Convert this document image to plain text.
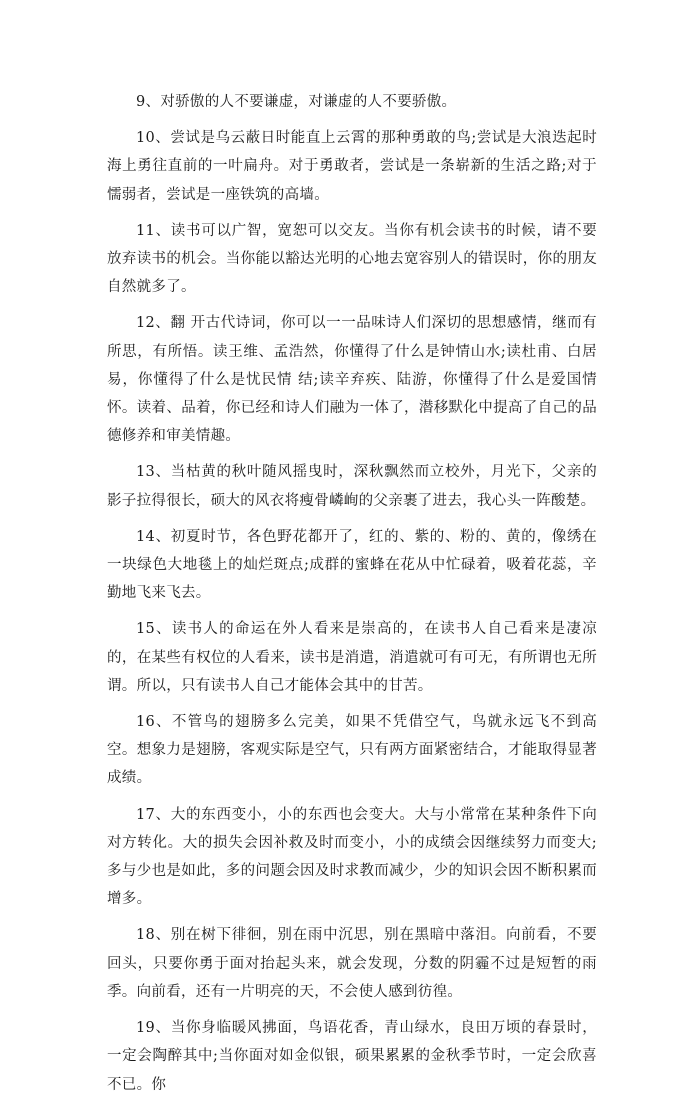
9、对骄傲的人不要谦虚，对谦虚的人不要骄傲。

10、尝试是乌云蔽日时能直上云霄的那种勇敢的鸟;尝试是大浪迭起时海上勇往直前的一叶扁舟。对于勇敢者，尝试是一条崭新的生活之路;对于懦弱者，尝试是一座铁筑的高墙。

11、读书可以广智，宽恕可以交友。当你有机会读书的时候，请不要放弃读书的机会。当你能以豁达光明的心地去宽容别人的错误时，你的朋友自然就多了。

12、翻 开古代诗词，你可以一一品味诗人们深切的思想感情，继而有所思，有所悟。读王维、孟浩然，你懂得了什么是钟情山水;读杜甫、白居易，你懂得了什么是忧民情 结;读辛弃疾、陆游，你懂得了什么是爱国情怀。读着、品着，你已经和诗人们融为一体了，潜移默化中提高了自己的品德修养和审美情趣。

13、当枯黄的秋叶随风摇曳时，深秋飘然而立校外，月光下，父亲的影子拉得很长，硕大的风衣将瘦骨嶙峋的父亲裹了进去，我心头一阵酸楚。

14、初夏时节，各色野花都开了，红的、紫的、粉的、黄的，像绣在一块绿色大地毯上的灿烂斑点;成群的蜜蜂在花从中忙碌着，吸着花蕊，辛勤地飞来飞去。

15、读书人的命运在外人看来是崇高的，在读书人自己看来是凄凉的，在某些有权位的人看来，读书是消遣，消遣就可有可无，有所谓也无所谓。所以，只有读书人自己才能体会其中的甘苦。

16、不管鸟的翅膀多么完美，如果不凭借空气，鸟就永远飞不到高空。想象力是翅膀，客观实际是空气，只有两方面紧密结合，才能取得显著成绩。

17、大的东西变小，小的东西也会变大。大与小常常在某种条件下向对方转化。大的损失会因补救及时而变小，小的成绩会因继续努力而变大;多与少也是如此，多的问题会因及时求教而减少，少的知识会因不断积累而增多。

18、别在树下徘徊，别在雨中沉思，别在黑暗中落泪。向前看，不要回头，只要你勇于面对抬起头来，就会发现，分数的阴霾不过是短暂的雨季。向前看，还有一片明亮的天，不会使人感到彷徨。

19、当你身临暖风拂面，鸟语花香，青山绿水，良田万顷的春景时，一定会陶醉其中;当你面对如金似银，硕果累累的金秋季节时，一定会欣喜不已。你
